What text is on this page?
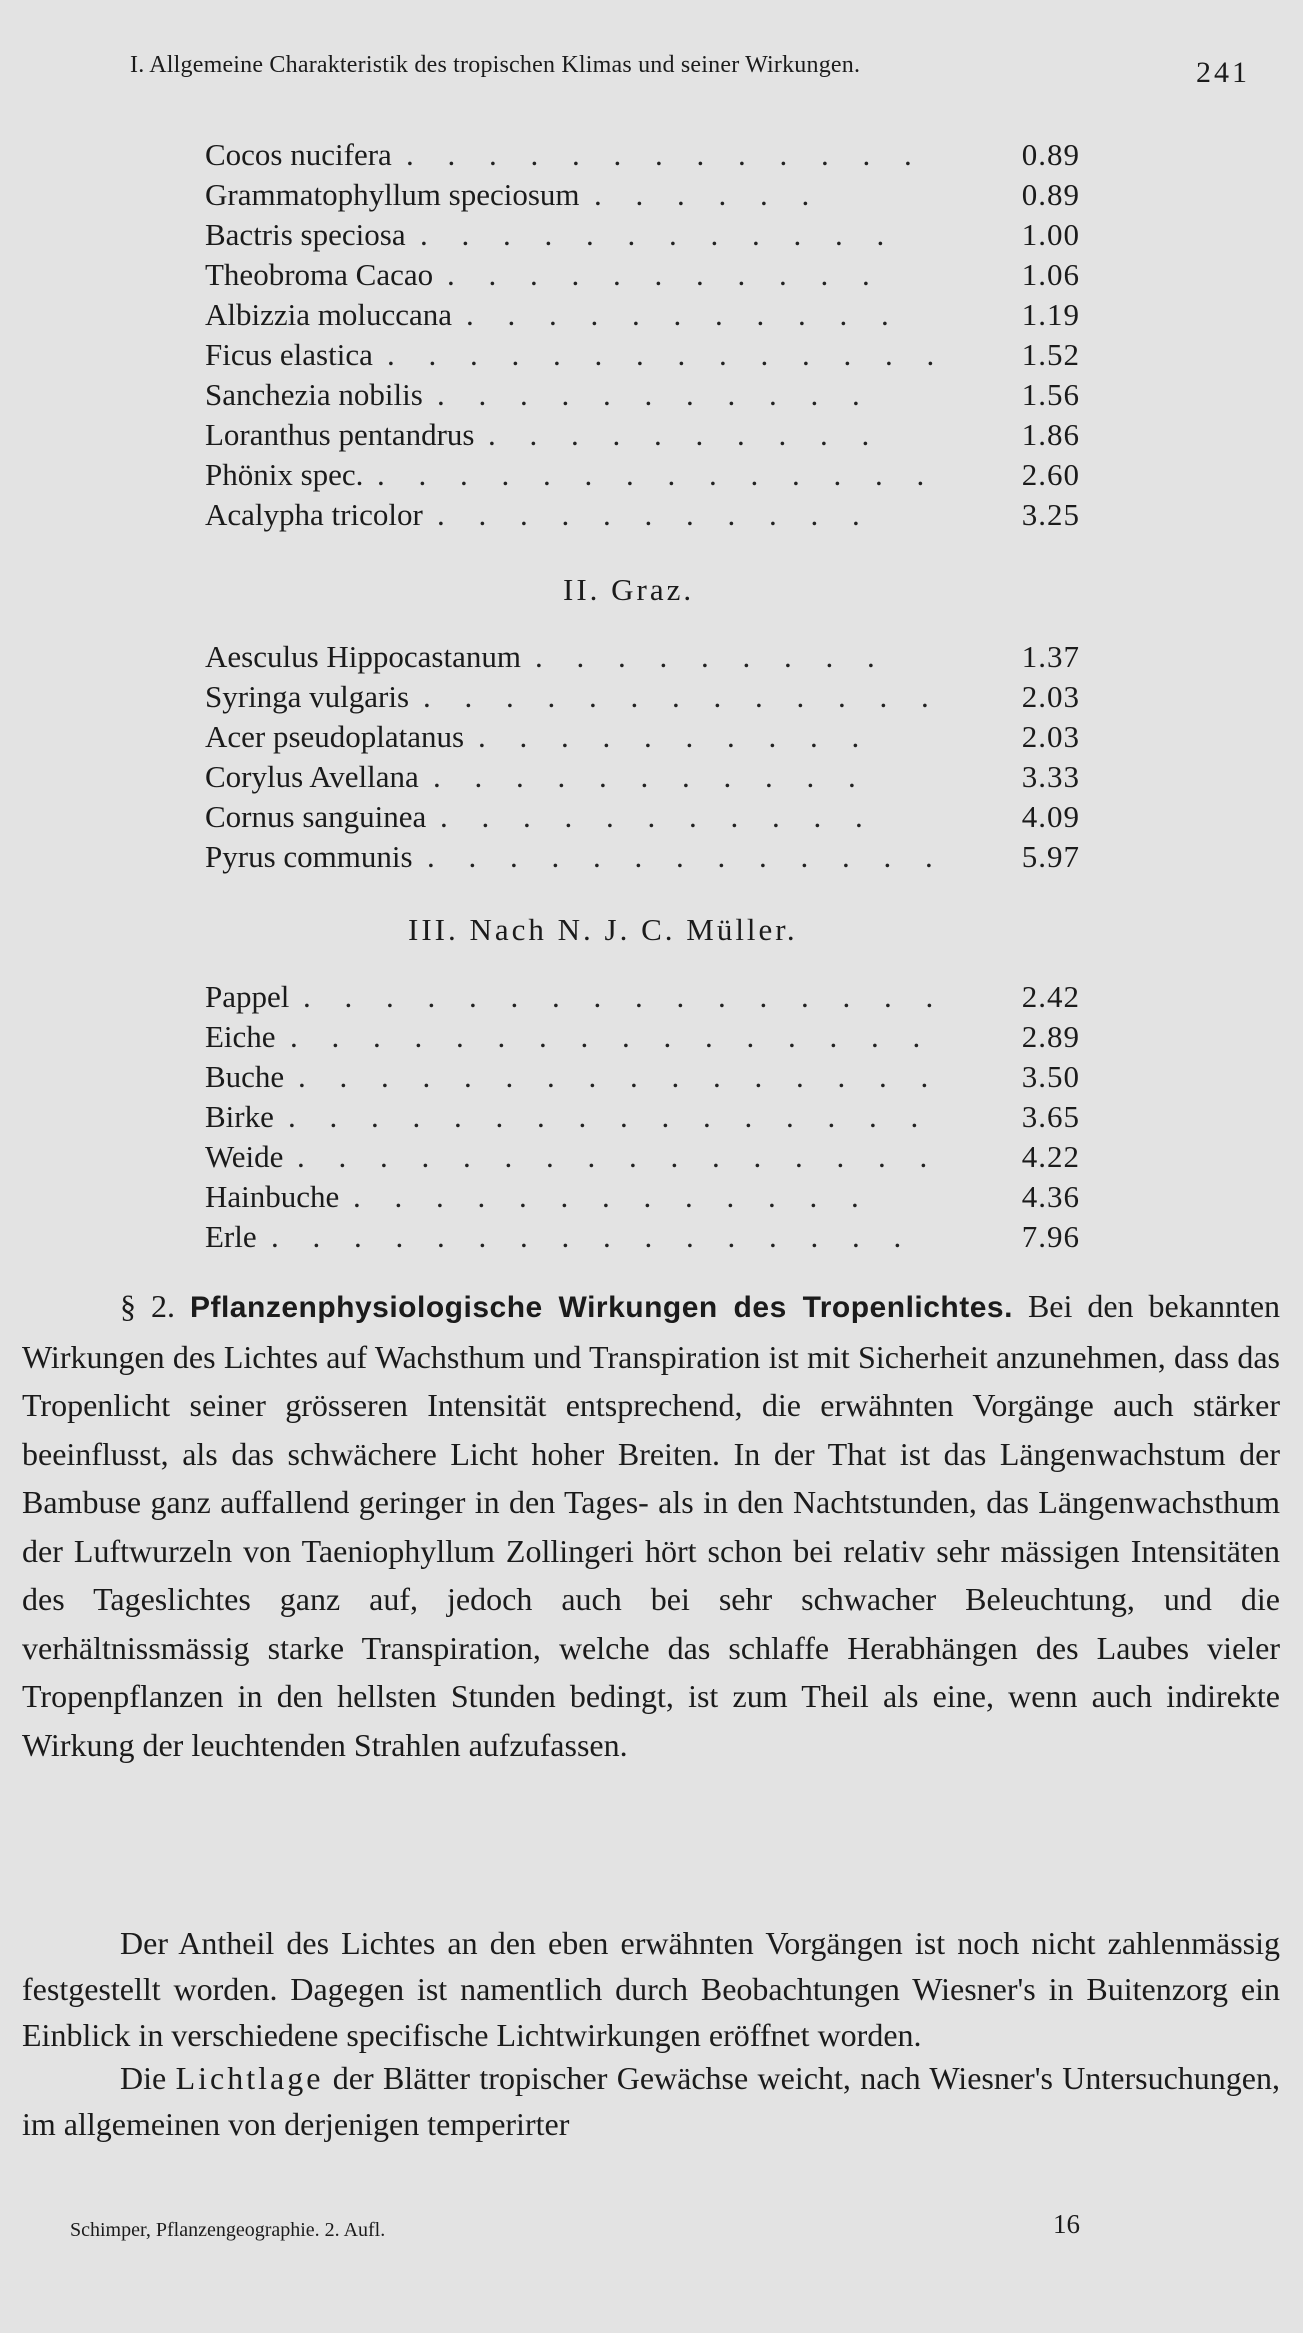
I. Allgemeine Charakteristik des tropischen Klimas und seiner Wirkungen.	241
Cocos nucifera . . . . . . . . . . . . .	0.89
Grammatophyllum speciosum . . . . . .	0.89
Bactris speciosa . . . . . . . . . . . .	1.00
Theobroma Cacao . . . . . . . . . . .	1.06
Albizzia moluccana . . . . . . . . . . .	1.19
Ficus elastica . . . . . . . . . . . . . . 1.52
Sanchezia nobilis . . . . . . . . . . .	1.56
Loranthus pentandrus . . . . . . . . . .	1.86
Phönix spec. . . . . . . . . . . . . . .	2.60
Acalypha tricolor . . . . . . . . . . .	3.25
II. Graz.
Aesculus Hippocastanum . . . . . . . . .	1.37
Syringa vulgaris . . . . . . . . . . . . .	2.03
Acer pseudoplatanus . . . . . . . . . .	2.03
Corylus Avellana . . . . . . . . . . .	3.33
Cornus sanguinea . . . . . . . . . . .	4.09
Pyrus communis . . . . . . . . . . . . . 5.97
III. Nach N. J. C. Müller.
Pappel . . . . . . . . . . . . . . . . 2.42
Eiche . . . . . . . . . . . . . . . .	2.89
Buche . . . . . . . . . . . . . . . .	3.50
Birke . . . . . . . . . . . . . . . .	3.65
Weide . . . . . . . . . . . . . . . .	4.22
Hainbuche . . . . . . . . . . . . .	4.36
Erle . . . . . . . . . . . . . . . .	7.96
§ 2. Pflanzenphysiologische Wirkungen des Tropenlichtes. Bei den bekannten Wirkungen des Lichtes auf Wachsthum und Transpiration ist mit Sicherheit anzunehmen, dass das Tropenlicht seiner grösseren Intensität entsprechend, die erwähnten Vorgänge auch stärker beeinflusst, als das schwächere Licht hoher Breiten. In der That ist das Längenwachstum der Bambuse ganz auffallend geringer in den Tages- als in den Nachtstunden, das Längenwachsthum der Luftwurzeln von Taeniophyllum Zollingeri hört schon bei relativ sehr mässigen Intensitäten des Tageslichtes ganz auf, jedoch auch bei sehr schwacher Beleuchtung, und die verhältnissmässig starke Transpiration, welche das schlaffe Herabhängen des Laubes vieler Tropenpflanzen in den hellsten Stunden bedingt, ist zum Theil als eine, wenn auch indirekte Wirkung der leuchtenden Strahlen aufzufassen.
Der Antheil des Lichtes an den eben erwähnten Vorgängen ist noch nicht zahlenmässig festgestellt worden. Dagegen ist namentlich durch Beobachtungen Wiesner's in Buitenzorg ein Einblick in verschiedene specifische Lichtwirkungen eröffnet worden.
Die Lichtlage der Blätter tropischer Gewächse weicht, nach Wiesner's Untersuchungen, im allgemeinen von derjenigen temperirter
Schimper, Pflanzengeographie. 2. Aufl.	16
